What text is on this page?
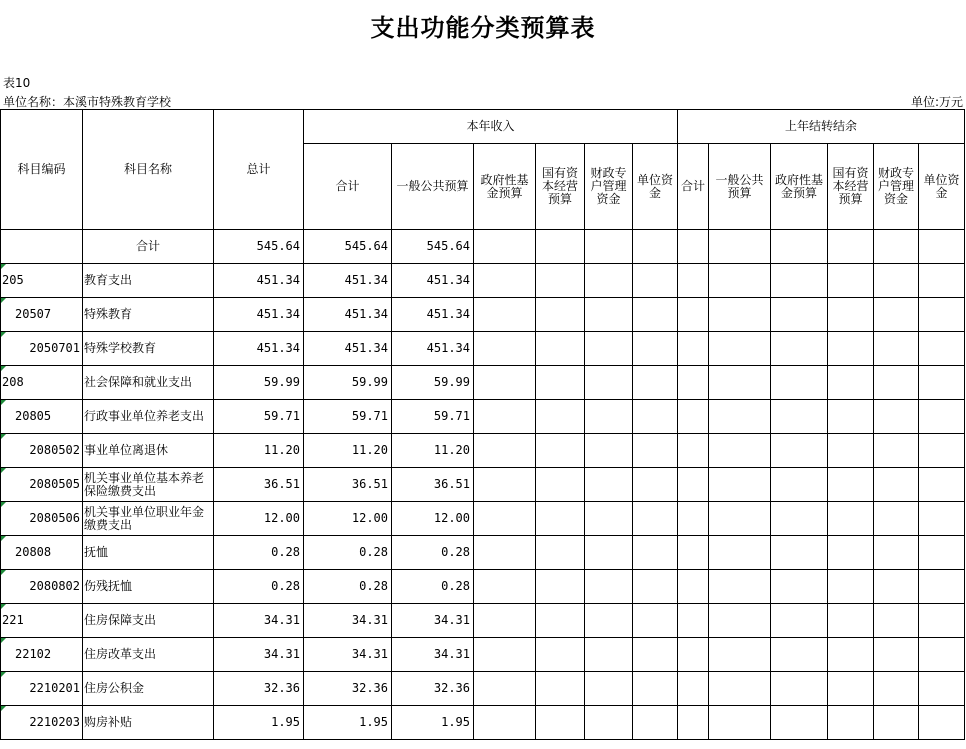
支出功能分类预算表
表10
单位名称：本溪市特殊教育学校	单位:万元
科目编码	科目名称	总计	本年收入						上年结转结余					
			合计	一般公共预算	政府性基金预算	国有资本经营预算	财政专户管理资金	单位资金	合计	一般公共预算	政府性基金预算	国有资本经营预算	财政专户管理资金	单位资金
	合计	545.64	545.64	545.64										

205	教育支出	451.34	451.34	451.34										

20507	特殊教育	451.34	451.34	451.34										

2050701	特殊学校教育	451.34	451.34	451.34										

208	社会保障和就业支出	59.99	59.99	59.99										

20805	行政事业单位养老支出	59.71	59.71	59.71										

2080502	事业单位离退休	11.20	11.20	11.20										

2080505	机关事业单位基本养老保险缴费支出	36.51	36.51	36.51										

2080506	机关事业单位职业年金缴费支出	12.00	12.00	12.00										

20808	抚恤	0.28	0.28	0.28										

2080802	伤残抚恤	0.28	0.28	0.28										

221	住房保障支出	34.31	34.31	34.31										

22102	住房改革支出	34.31	34.31	34.31										

2210201	住房公积金	32.36	32.36	32.36										

2210203	购房补贴	1.95	1.95	1.95										
